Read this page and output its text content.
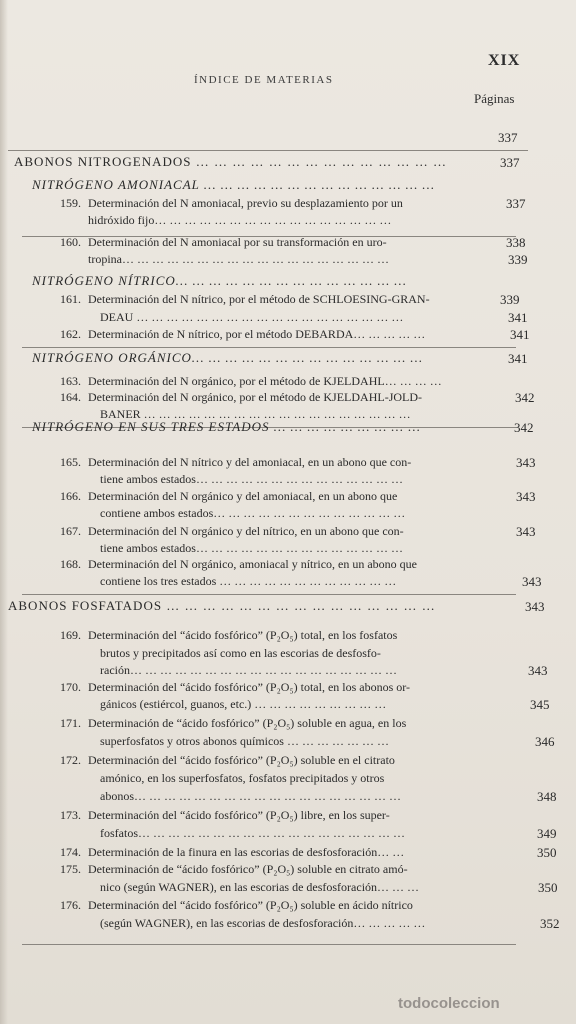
ÍNDICE DE MATERIAS
XIX
Páginas
337
ABONOS NITROGENADOS … … … … … … … … … … … … … …	337
NITRÓGENO AMONIACAL … … … … … … … … … … … … … …
159. Determinación del N amoniacal, previo su desplazamiento por un	337
hidróxido fijo… … … … … … … … … … … … … … … …
160. Determinación del N amoniacal por su transformación en uro-	338
tropina… … … … … … … … … … … … … … … … … …	339
NITRÓGENO NÍTRICO… … … … … … … … … … … … … …
161. Determinación del N nítrico, por el método de SCHLOESING-GRAN-	339
DEAU … … … … … … … … … … … … … … … … … …	341
162. Determinación de N nítrico, por el método DEBARDA… … … … …	341
NITRÓGENO ORGÁNICO… … … … … … … … … … … … … …	341
163. Determinación del N orgánico, por el método de KJELDAHL… … … …
164. Determinación del N orgánico, por el método de KJELDAHL-JOLD-	342
BANER … … … … … … … … … … … … … … … … … …
NITRÓGENO EN SUS TRES ESTADOS … … … … … … … … …	342
165. Determinación del N nítrico y del amoniacal, en un abono que con-	343
tiene ambos estados… … … … … … … … … … … … … …
166. Determinación del N orgánico y del amoniacal, en un abono que	343
contiene ambos estados… … … … … … … … … … … … …
167. Determinación del N orgánico y del nítrico, en un abono que con-	343
tiene ambos estados… … … … … … … … … … … … … …
168. Determinación del N orgánico, amoniacal y nítrico, en un abono que
contiene los tres estados … … … … … … … … … … … …	343
ABONOS FOSFATADOS … … … … … … … … … … … … … … …	343
169. Determinación del “ácido fosfórico” (P₂O₅) total, en los fosfatos
brutos y precipitados así como en las escorias de desfosfo-
ración… … … … … … … … … … … … … … … … … …	343
170. Determinación del “ácido fosfórico” (P₂O₅) total, en los abonos or-
gánicos (estiércol, guanos, etc.) … … … … … … … … …	345
171. Determinación de “ácido fosfórico” (P₂O₅) soluble en agua, en los
superfosfatos y otros abonos químicos … … … … … … …	346
172. Determinación del “ácido fosfórico” (P₂O₅) soluble en el citrato
amónico, en los superfosfatos, fosfatos precipitados y otros
abonos… … … … … … … … … … … … … … … … … …	348
173. Determinación del “ácido fosfórico” (P₂O₅) libre, en los super-
fosfatos… … … … … … … … … … … … … … … … … …	349
174. Determinación de la finura en las escorias de desfosforación… …	350
175. Determinación de “ácido fosfórico” (P₂O₅) soluble en citrato amó-
nico (según WAGNER), en las escorias de desfosforación… … …	350
176. Determinación del “ácido fosfórico” (P₂O₅) soluble en ácido nítrico
(según WAGNER), en las escorias de desfosforación… … … … …	352
todocoleccion
